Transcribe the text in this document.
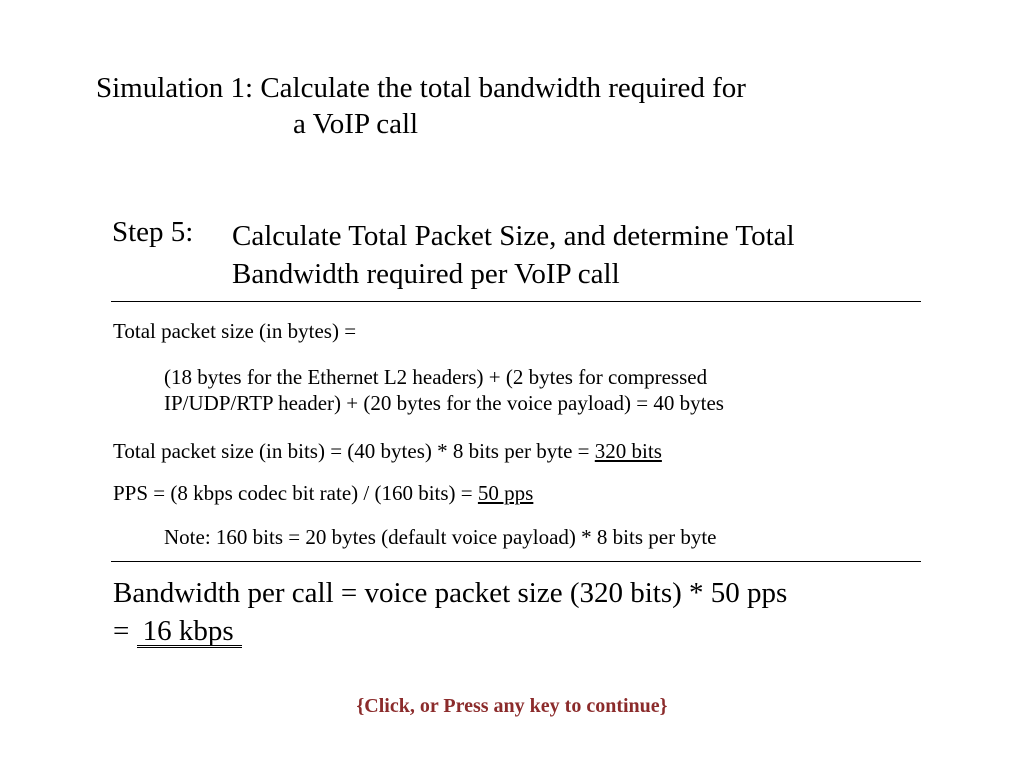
Simulation 1: Calculate the total bandwidth required for
a VoIP call
Step 5: Calculate Total Packet Size, and determine Total
Bandwidth required per VoIP call
Total packet size (in bytes) =
(18 bytes for the Ethernet L2 headers) + (2 bytes for compressed
IP/UDP/RTP header) + (20 bytes for the voice payload) = 40 bytes
Total packet size (in bits) = (40 bytes) * 8 bits per byte = 320 bits
PPS = (8 kbps codec bit rate) / (160 bits) = 50 pps
Note: 160 bits = 20 bytes (default voice payload) * 8 bits per byte
Bandwidth per call = voice packet size (320 bits) * 50 pps
= 16 kbps
{Click, or Press any key to continue}
